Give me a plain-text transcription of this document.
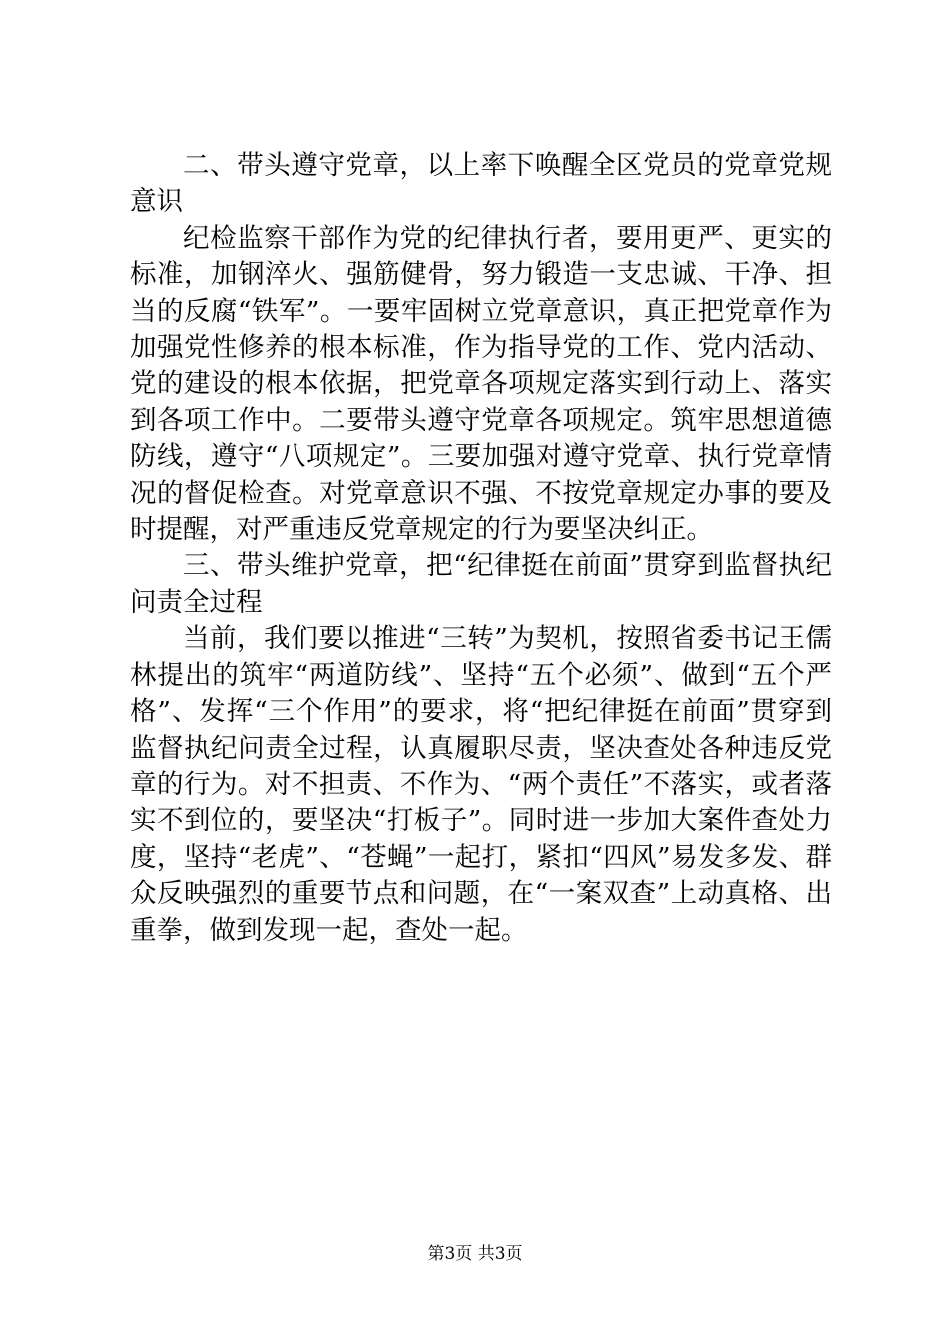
二、带头遵守党章，以上率下唤醒全区党员的党章党规意识

纪检监察干部作为党的纪律执行者，要用更严、更实的标准，加钢淬火、强筋健骨，努力锻造一支忠诚、干净、担当的反腐“铁军”。一要牢固树立党章意识，真正把党章作为加强党性修养的根本标准，作为指导党的工作、党内活动、党的建设的根本依据，把党章各项规定落实到行动上、落实到各项工作中。二要带头遵守党章各项规定。筑牢思想道德防线，遵守“八项规定”。三要加强对遵守党章、执行党章情况的督促检查。对党章意识不强、不按党章规定办事的要及时提醒，对严重违反党章规定的行为要坚决纠正。

三、带头维护党章，把“纪律挺在前面”贯穿到监督执纪问责全过程

当前，我们要以推进“三转”为契机，按照省委书记王儒林提出的筑牢“两道防线”、坚持“五个必须”、做到“五个严格”、发挥“三个作用”的要求，将“把纪律挺在前面”贯穿到监督执纪问责全过程，认真履职尽责，坚决查处各种违反党章的行为。对不担责、不作为、“两个责任”不落实，或者落实不到位的，要坚决“打板子”。同时进一步加大案件查处力度，坚持“老虎”、“苍蝇”一起打，紧扣“四风”易发多发、群众反映强烈的重要节点和问题，在“一案双查”上动真格、出重拳，做到发现一起，查处一起。

第3页 共3页
